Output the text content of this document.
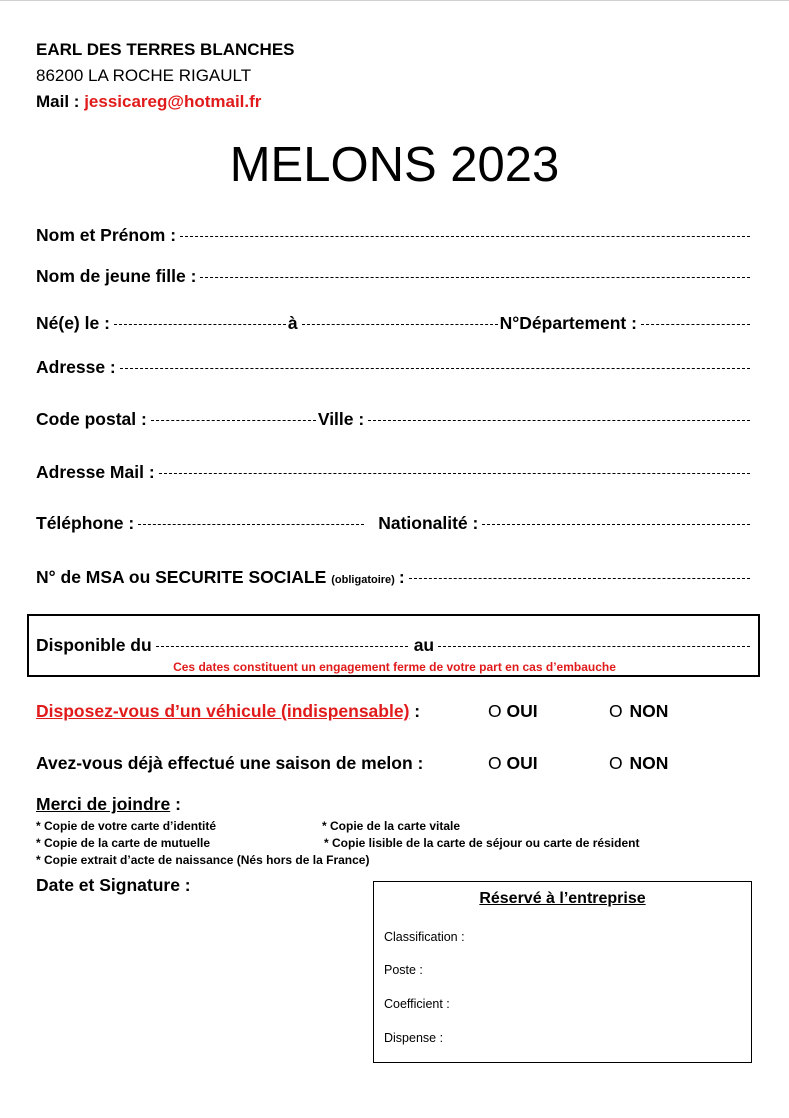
EARL DES TERRES BLANCHES
86200 LA ROCHE RIGAULT
Mail : jessicareg@hotmail.fr
MELONS 2023
Nom et Prénom :
Nom de jeune fille :
Né(e) le :	à	N°Département :
Adresse :
Code postal :	Ville :
Adresse Mail :
Téléphone :	Nationalité :
N° de MSA ou SECURITE SOCIALE (obligatoire) :
Disponible du	au
Ces dates constituent un engagement ferme de votre part en cas d’embauche
Disposez-vous d’un véhicule (indispensable) :	O OUI	O NON
Avez-vous déjà effectué une saison de melon :	O OUI	O NON
Merci de joindre :
* Copie de votre carte d’identité
* Copie de la carte de mutuelle
* Copie extrait d’acte de naissance (Nés hors de la France)
* Copie de la carte vitale
* Copie lisible de la carte de séjour ou carte de résident
Date et Signature :
Réservé à l’entreprise
Classification :
Poste :
Coefficient :
Dispense :
